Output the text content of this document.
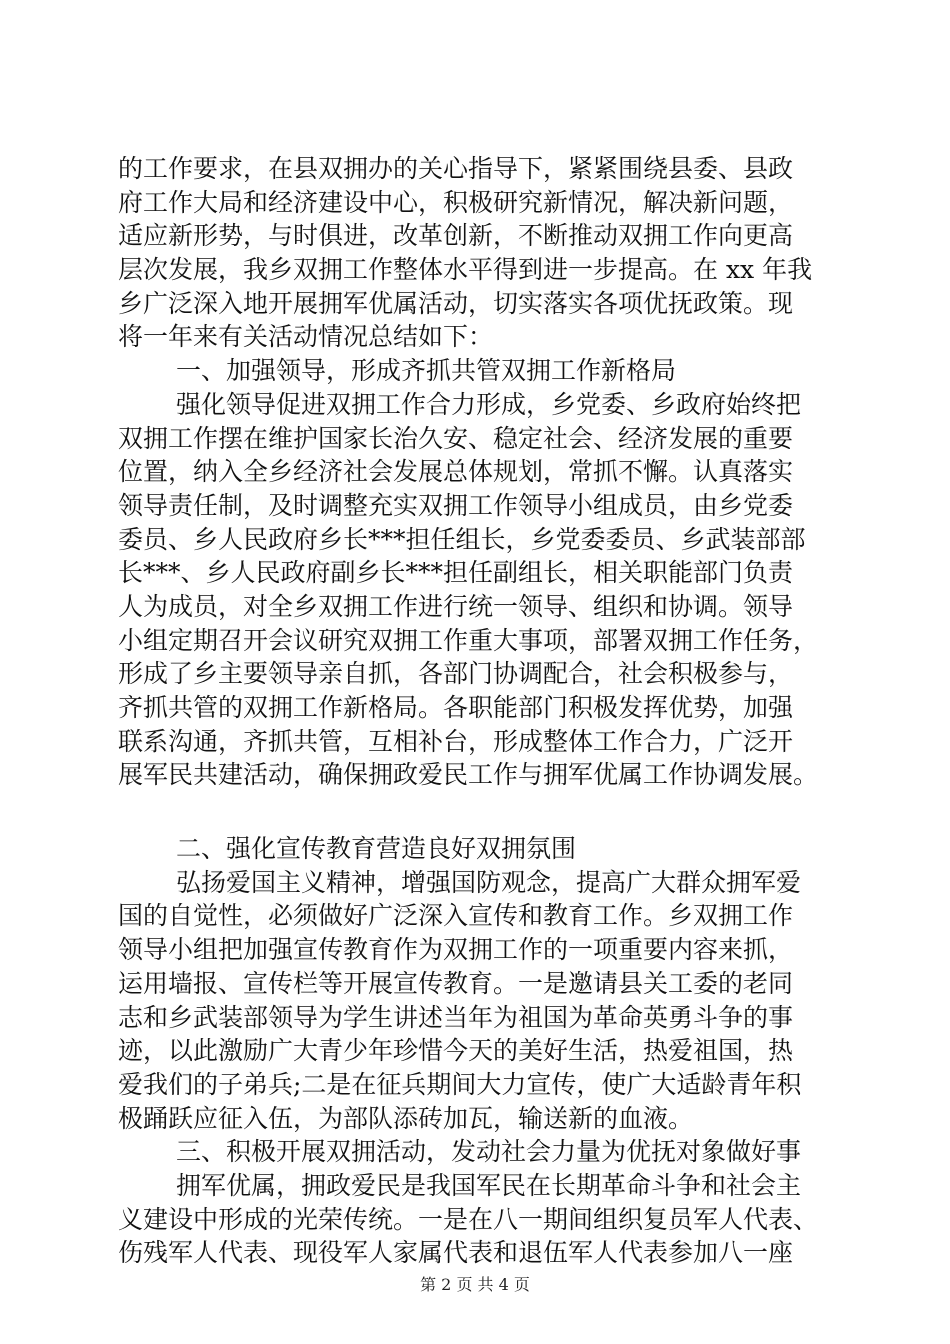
的工作要求，在县双拥办的关心指导下，紧紧围绕县委、县政
府工作大局和经济建设中心，积极研究新情况，解决新问题，
适应新形势，与时俱进，改革创新，不断推动双拥工作向更高
层次发展，我乡双拥工作整体水平得到进一步提高。在 xx 年我
乡广泛深入地开展拥军优属活动，切实落实各项优抚政策。现
将一年来有关活动情况总结如下：
一、加强领导，形成齐抓共管双拥工作新格局
强化领导促进双拥工作合力形成，乡党委、乡政府始终把
双拥工作摆在维护国家长治久安、稳定社会、经济发展的重要
位置，纳入全乡经济社会发展总体规划，常抓不懈。认真落实
领导责任制，及时调整充实双拥工作领导小组成员，由乡党委
委员、乡人民政府乡长***担任组长，乡党委委员、乡武装部部
长***、乡人民政府副乡长***担任副组长，相关职能部门负责
人为成员，对全乡双拥工作进行统一领导、组织和协调。领导
小组定期召开会议研究双拥工作重大事项，部署双拥工作任务，
形成了乡主要领导亲自抓，各部门协调配合，社会积极参与，
齐抓共管的双拥工作新格局。各职能部门积极发挥优势，加强
联系沟通，齐抓共管，互相补台，形成整体工作合力，广泛开
展军民共建活动，确保拥政爱民工作与拥军优属工作协调发展。
二、强化宣传教育营造良好双拥氛围
弘扬爱国主义精神，增强国防观念，提高广大群众拥军爱
国的自觉性，必须做好广泛深入宣传和教育工作。乡双拥工作
领导小组把加强宣传教育作为双拥工作的一项重要内容来抓，
运用墙报、宣传栏等开展宣传教育。一是邀请县关工委的老同
志和乡武装部领导为学生讲述当年为祖国为革命英勇斗争的事
迹，以此激励广大青少年珍惜今天的美好生活，热爱祖国，热
爱我们的子弟兵;二是在征兵期间大力宣传，使广大适龄青年积
极踊跃应征入伍，为部队添砖加瓦，输送新的血液。
三、积极开展双拥活动，发动社会力量为优抚对象做好事
拥军优属，拥政爱民是我国军民在长期革命斗争和社会主
义建设中形成的光荣传统。一是在八一期间组织复员军人代表、
伤残军人代表、现役军人家属代表和退伍军人代表参加八一座
第 2 页 共 4 页
